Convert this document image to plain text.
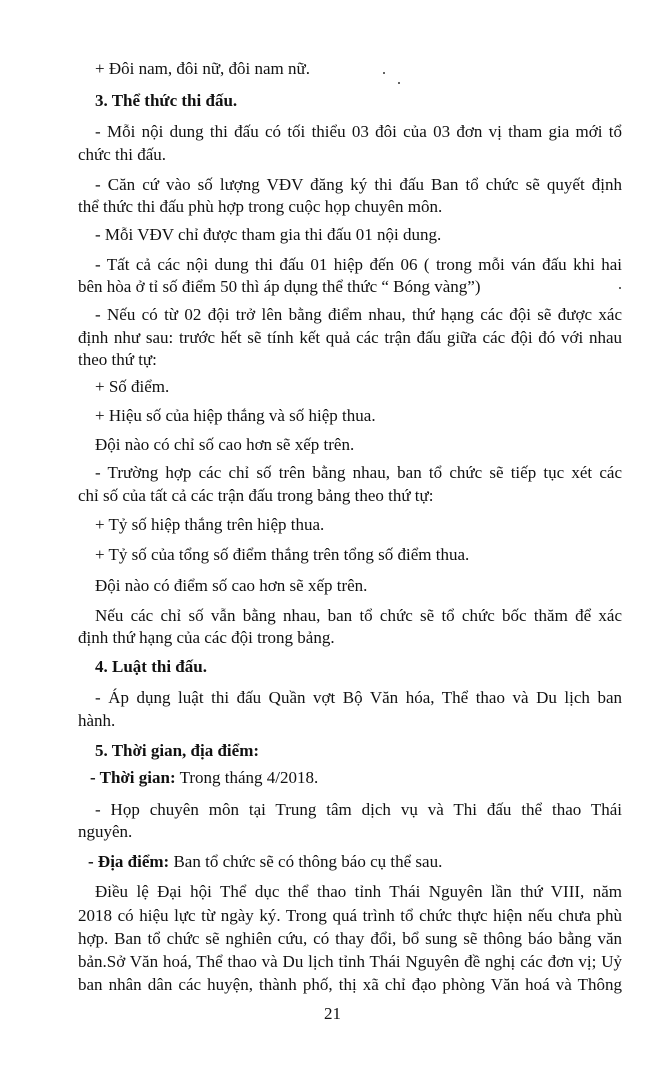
+ Đôi nam, đôi nữ, đôi nam nữ.
3. Thể thức thi đấu.
- Mỗi nội dung thi đấu có tối thiểu 03 đôi của 03 đơn vị tham gia mới tổ
chức thi đấu.
- Căn cứ vào số lượng VĐV đăng ký thi đấu Ban tổ chức sẽ quyết định
thể thức thi đấu phù hợp trong cuộc họp chuyên môn.
- Mỗi VĐV chỉ được tham gia thi đấu 01 nội dung.
- Tất cả các nội dung thi đấu 01 hiệp đến 06 ( trong mỗi ván đấu khi hai
bên hòa ở tỉ số điểm 50 thì áp dụng thể thức “ Bóng vàng”)
- Nếu có từ 02 đội trở lên bằng điểm nhau, thứ hạng các đội sẽ được xác
định như sau: trước hết sẽ tính kết quả các trận đấu giữa các đội đó với nhau
theo thứ tự:
+ Số điểm.
+ Hiệu số của hiệp thắng và số hiệp thua.
Đội nào có chỉ số cao hơn sẽ xếp trên.
- Trường hợp các chỉ số trên bằng nhau, ban tổ chức sẽ tiếp tục xét các
chỉ số của tất cả các trận đấu trong bảng theo thứ tự:
+ Tỷ số hiệp thắng trên hiệp thua.
+ Tỷ số của tổng số điểm thắng trên tổng số điểm thua.
Đội nào có điểm số cao hơn sẽ xếp trên.
Nếu các chỉ số vẫn bằng nhau, ban tổ chức sẽ tổ chức bốc thăm để xác
định thứ hạng của các đội trong bảng.
4. Luật thi đấu.
- Áp dụng luật thi đấu Quần vợt Bộ Văn hóa, Thể thao và Du lịch ban
hành.
5. Thời gian, địa điểm:
- Thời gian: Trong tháng 4/2018.
- Họp chuyên môn tại Trung tâm dịch vụ và Thi đấu thể thao Thái
nguyên.
- Địa điểm: Ban tổ chức sẽ có thông báo cụ thể sau.
Điều lệ Đại hội Thể dục thể thao tỉnh Thái Nguyên lần thứ VIII, năm
2018 có hiệu lực từ ngày ký. Trong quá trình tổ chức thực hiện nếu chưa phù
hợp. Ban tổ chức sẽ nghiên cứu, có thay đổi, bổ sung sẽ thông báo bằng văn
bản.Sở Văn hoá, Thể thao và Du lịch tỉnh Thái Nguyên đề nghị các đơn vị; Uỷ
ban nhân dân các huyện, thành phố, thị xã chỉ đạo phòng Văn hoá và Thông
21
